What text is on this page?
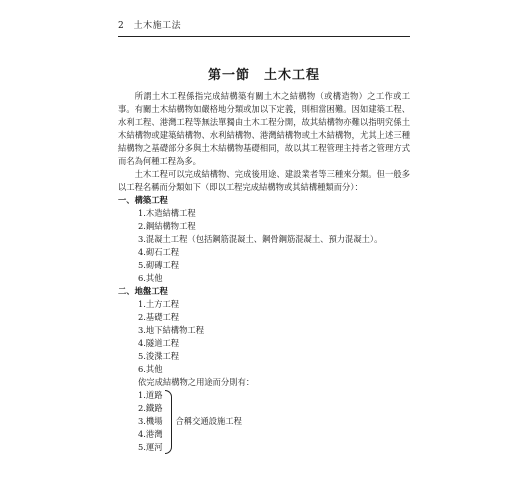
2 土木施工法
第一節　土木工程

所謂土木工程係指完成結構築有關土木之結構物（或構造物）之工作或工事。有關土木結構物如嚴格地分類或加以下定義，則相當困難。因如建築工程、水利工程、港灣工程等無法單獨由土木工程分開，故其結構物亦難以指明究係土木結構物或建築結構物、水利結構物、港灣結構物或土木結構物，尤其上述三種結構物之基礎部分多與土木結構物基礎相同，故以其工程管理主持者之管理方式而名為何種工程為多。

土木工程可以完成結構物、完成後用途、建設業者等三種來分類。但一般多以工程名稱而分類如下（即以工程完成結構物或其結構種類而分）：

一、構築工程
1.木造結構工程
2.鋼結構物工程
3.混凝土工程（包括鋼筋混凝土、鋼骨鋼筋混凝土、預力混凝土）。
4.砌石工程
5.砌磚工程
6.其他
二、地盤工程
1.土方工程
2.基礎工程
3.地下結構物工程
4.隧道工程
5.浚渫工程
6.其他
依完成結構物之用途而分則有：
1.道路
2.鐵路
3.機場
4.港灣
5.運河
合稱交通設施工程
